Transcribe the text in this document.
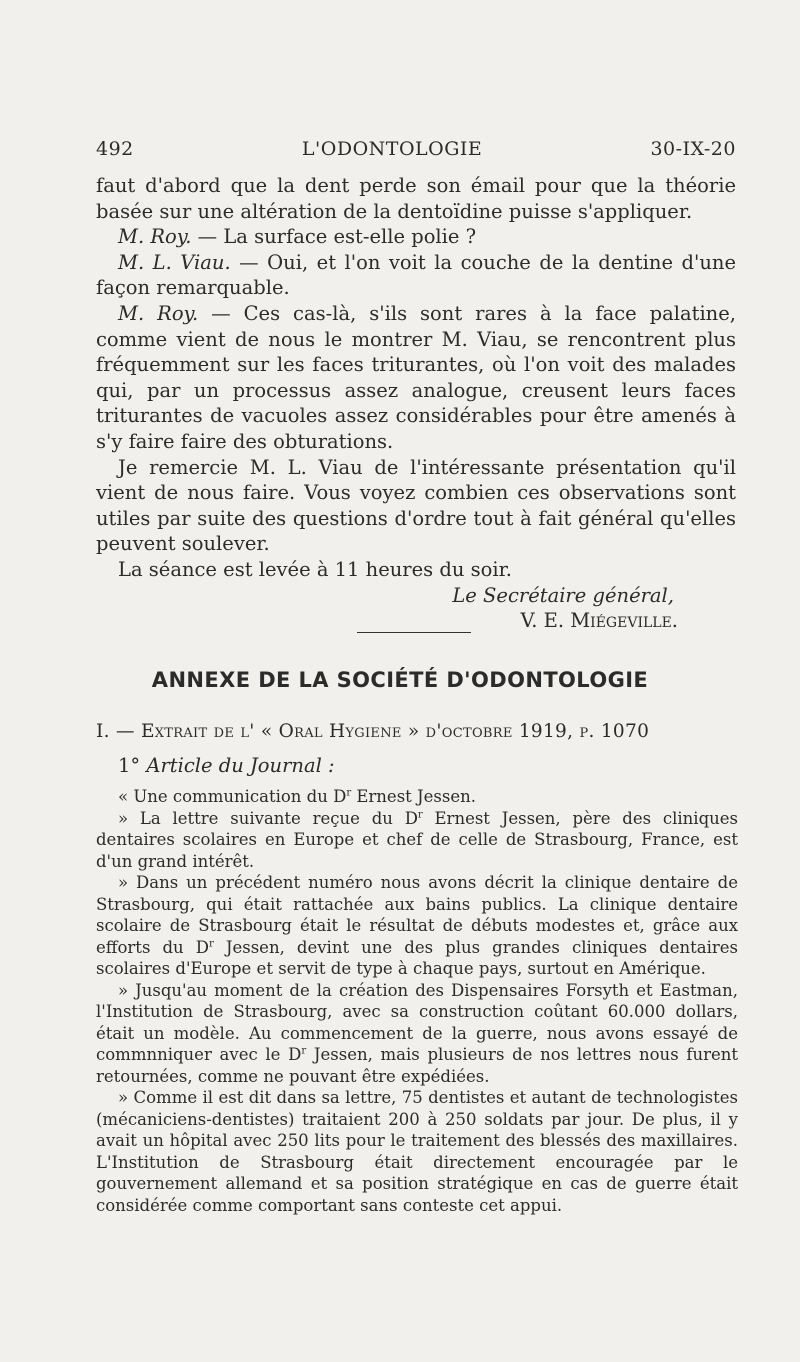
492	L'ODONTOLOGIE	30-IX-20

faut d'abord que la dent perde son émail pour que la théorie basée sur une altération de la dentoïdine puisse s'appliquer.

M. Roy. — La surface est-elle polie ?

M. L. Viau. — Oui, et l'on voit la couche de la dentine d'une façon remarquable.

M. Roy. — Ces cas-là, s'ils sont rares à la face palatine, comme vient de nous le montrer M. Viau, se rencontrent plus fréquemment sur les faces triturantes, où l'on voit des malades qui, par un processus assez analogue, creusent leurs faces triturantes de vacuoles assez considérables pour être amenés à s'y faire faire des obturations.

Je remercie M. L. Viau de l'intéressante présentation qu'il vient de nous faire. Vous voyez combien ces observations sont utiles par suite des questions d'ordre tout à fait général qu'elles peuvent soulever.

La séance est levée à 11 heures du soir.

Le Secrétaire général,

V. E. Miégeville.

ANNEXE DE LA SOCIÉTÉ D'ODONTOLOGIE
I. — Extrait de l' « Oral Hygiene » d'octobre 1919, p. 1070
1° Article du Journal :

« Une communication du $D^r$ Ernest Jessen.

» La lettre suivante reçue du $D^r$ Ernest Jessen, père des cliniques dentaires scolaires en Europe et chef de celle de Strasbourg, France, est d'un grand intérêt.

» Dans un précédent numéro nous avons décrit la clinique dentaire de Strasbourg, qui était rattachée aux bains publics. La clinique dentaire scolaire de Strasbourg était le résultat de débuts modestes et, grâce aux efforts du $D^r$ Jessen, devint une des plus grandes cliniques dentaires scolaires d'Europe et servit de type à chaque pays, surtout en Amérique.

» Jusqu'au moment de la création des Dispensaires Forsyth et Eastman, l'Institution de Strasbourg, avec sa construction coûtant 60.000 dollars, était un modèle. Au commencement de la guerre, nous avons essayé de commnniquer avec le $D^r$ Jessen, mais plusieurs de nos lettres nous furent retournées, comme ne pouvant être expédiées.

» Comme il est dit dans sa lettre, 75 dentistes et autant de technologistes (mécaniciens-dentistes) traitaient 200 à 250 soldats par jour. De plus, il y avait un hôpital avec 250 lits pour le traitement des blessés des maxillaires. L'Institution de Strasbourg était directement encouragée par le gouvernement allemand et sa position stratégique en cas de guerre était considérée comme comportant sans conteste cet appui.
